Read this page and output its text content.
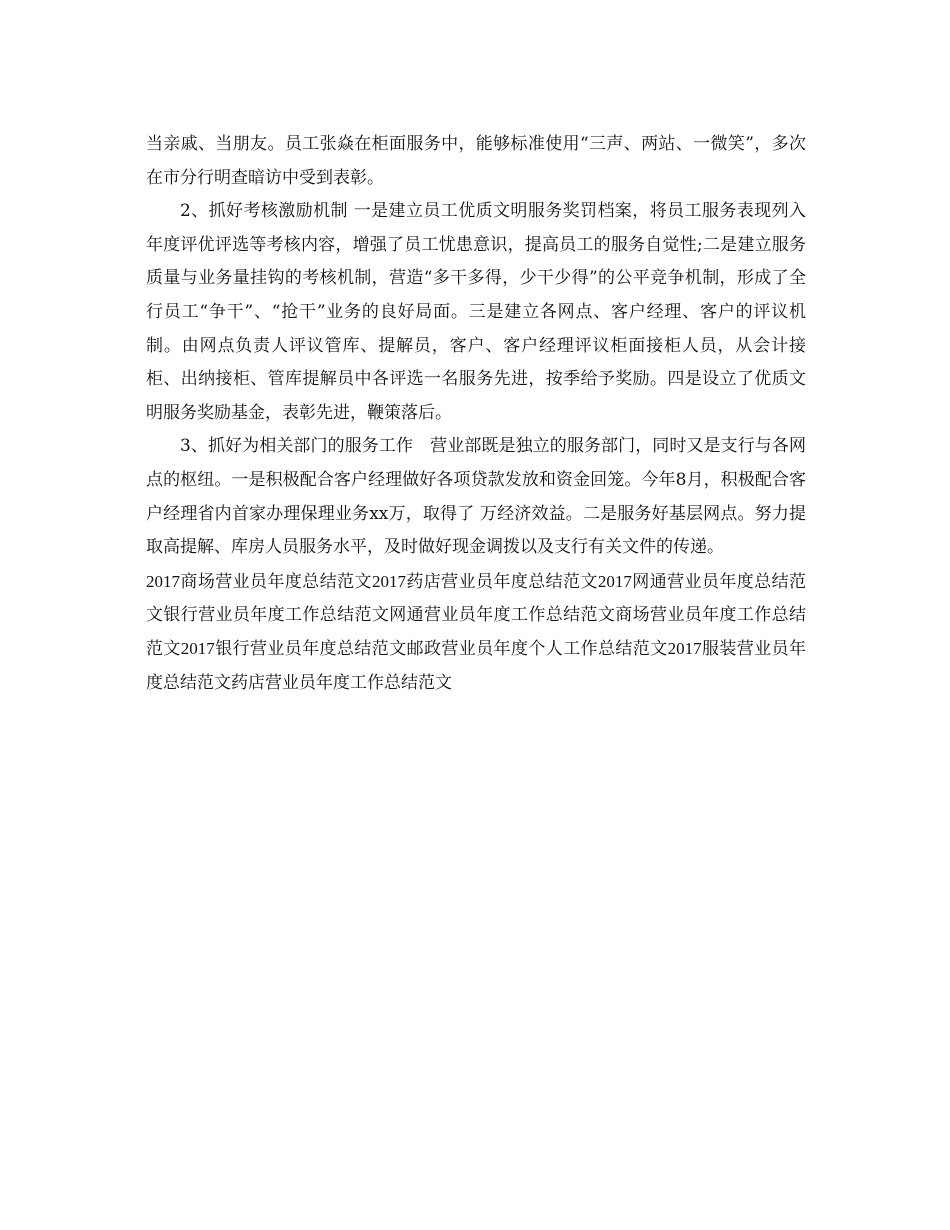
当亲戚、当朋友。员工张焱在柜面服务中，能够标准使用“三声、两站、一微笑”，多次在市分行明查暗访中受到表彰。

2、抓好考核激励机制 一是建立员工优质文明服务奖罚档案，将员工服务表现列入年度评优评选等考核内容，增强了员工忧患意识，提高员工的服务自觉性;二是建立服务质量与业务量挂钩的考核机制，营造“多干多得，少干少得”的公平竞争机制，形成了全行员工“争干”、“抢干”业务的良好局面。三是建立各网点、客户经理、客户的评议机制。由网点负责人评议管库、提解员，客户、客户经理评议柜面接柜人员，从会计接柜、出纳接柜、管库提解员中各评选一名服务先进，按季给予奖励。四是设立了优质文明服务奖励基金，表彰先进，鞭策落后。

3、抓好为相关部门的服务工作　营业部既是独立的服务部门，同时又是支行与各网点的枢纽。一是积极配合客户经理做好各项贷款发放和资金回笼。今年8月，积极配合客户经理省内首家办理保理业务xx万，取得了 万经济效益。二是服务好基层网点。努力提取高提解、库房人员服务水平，及时做好现金调拨以及支行有关文件的传递。

2017商场营业员年度总结范文2017药店营业员年度总结范文2017网通营业员年度总结范文银行营业员年度工作总结范文网通营业员年度工作总结范文商场营业员年度工作总结范文2017银行营业员年度总结范文邮政营业员年度个人工作总结范文2017服装营业员年度总结范文药店营业员年度工作总结范文
